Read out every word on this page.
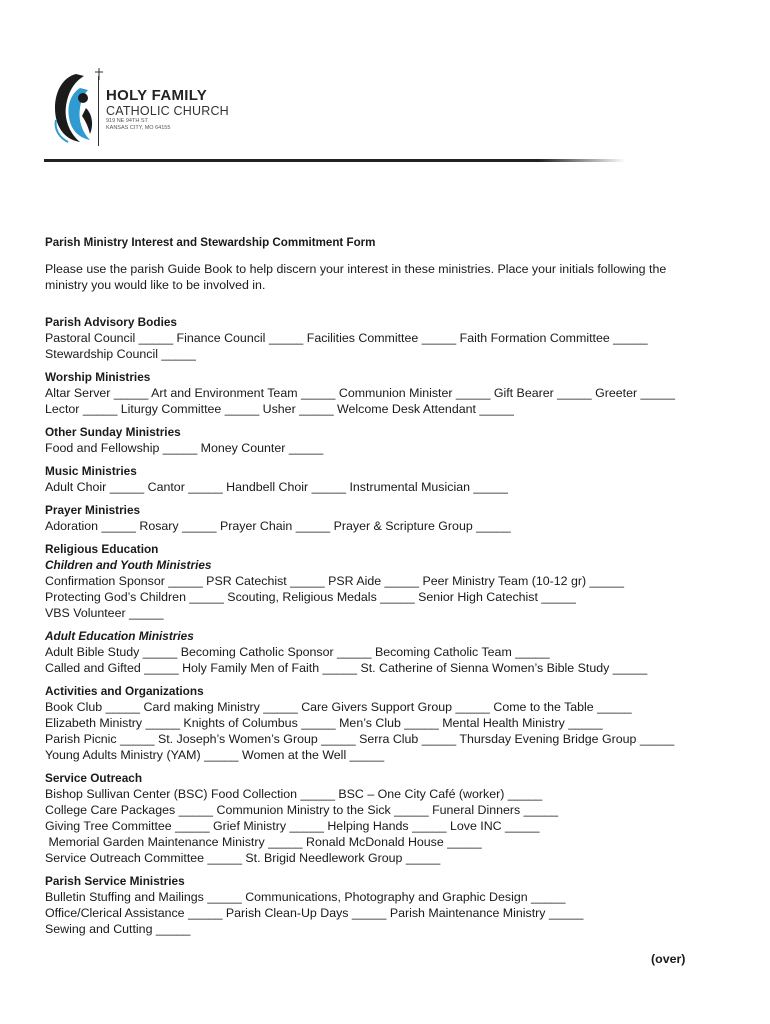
HOLY FAMILY
CATHOLIC CHURCH
919 NE 94TH ST
KANSAS CITY, MO 64155
Parish Ministry Interest and Stewardship Commitment Form
Please use the parish Guide Book to help discern your interest in these ministries. Place your initials following the
ministry you would like to be involved in.
Parish Advisory Bodies
Pastoral Council _____ Finance Council _____ Facilities Committee _____ Faith Formation Committee _____
Stewardship Council _____
Worship Ministries
Altar Server _____ Art and Environment Team _____ Communion Minister _____ Gift Bearer _____ Greeter _____
Lector _____ Liturgy Committee _____ Usher _____ Welcome Desk Attendant _____
Other Sunday Ministries
Food and Fellowship _____ Money Counter _____
Music Ministries
Adult Choir _____ Cantor _____ Handbell Choir _____ Instrumental Musician _____
Prayer Ministries
Adoration _____ Rosary _____ Prayer Chain _____ Prayer & Scripture Group _____
Religious Education
Children and Youth Ministries
Confirmation Sponsor _____ PSR Catechist _____ PSR Aide _____ Peer Ministry Team (10-12 gr) _____
Protecting God’s Children _____ Scouting, Religious Medals _____ Senior High Catechist _____
VBS Volunteer _____
Adult Education Ministries
Adult Bible Study _____ Becoming Catholic Sponsor _____ Becoming Catholic Team _____
Called and Gifted _____ Holy Family Men of Faith _____ St. Catherine of Sienna Women’s Bible Study _____
Activities and Organizations
Book Club _____ Card making Ministry _____ Care Givers Support Group _____ Come to the Table _____
Elizabeth Ministry _____ Knights of Columbus _____ Men’s Club _____ Mental Health Ministry _____
Parish Picnic _____ St. Joseph’s Women’s Group _____ Serra Club _____ Thursday Evening Bridge Group _____
Young Adults Ministry (YAM) _____ Women at the Well _____
Service Outreach
Bishop Sullivan Center (BSC) Food Collection _____ BSC – One City Café (worker) _____
College Care Packages _____ Communion Ministry to the Sick _____ Funeral Dinners _____
Giving Tree Committee _____ Grief Ministry _____ Helping Hands _____ Love INC _____
Memorial Garden Maintenance Ministry _____ Ronald McDonald House _____
Service Outreach Committee _____ St. Brigid Needlework Group _____
Parish Service Ministries
Bulletin Stuffing and Mailings _____ Communications, Photography and Graphic Design _____
Office/Clerical Assistance _____ Parish Clean-Up Days _____ Parish Maintenance Ministry _____
Sewing and Cutting _____
(over)
